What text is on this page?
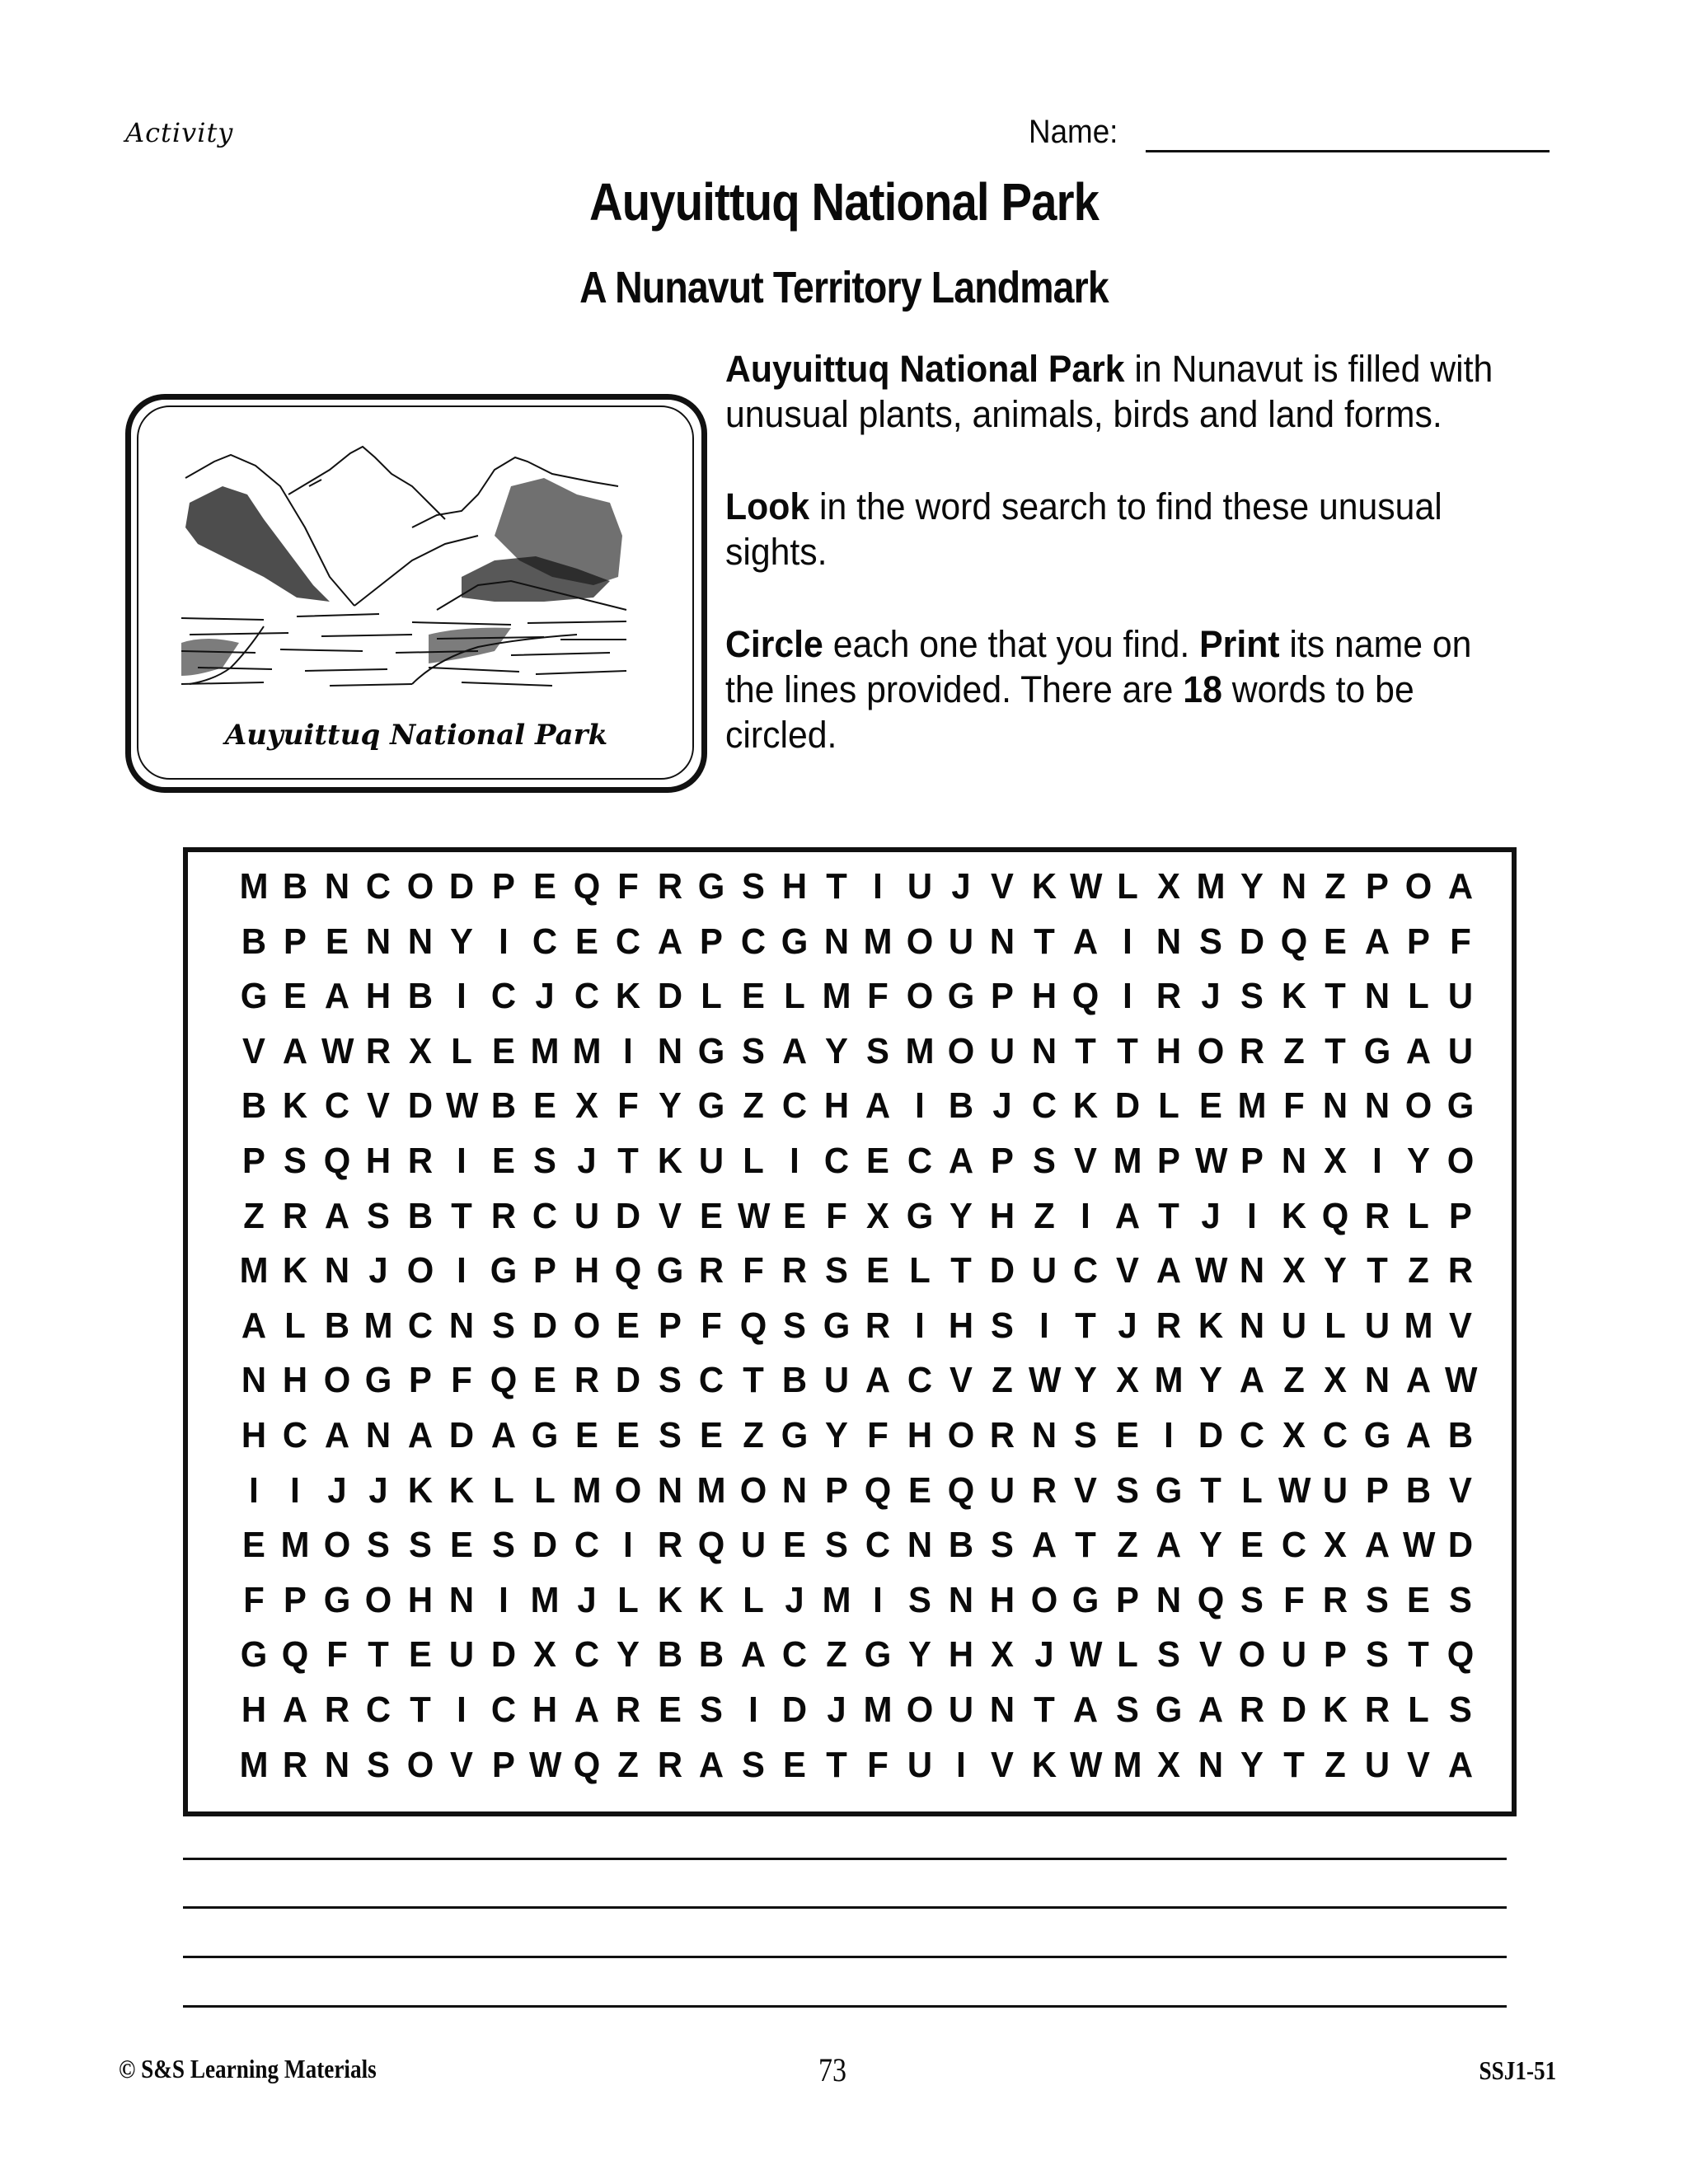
Activity	Name:
Auyuittuq National Park
A Nunavut Territory Landmark
Auyuittuq National Park

Auyuittuq National Park in Nunavut is filled with unusual plants, animals, birds and land forms.

Look in the word search to find these unusual sights.

Circle each one that you find. Print its name on the lines provided. There are 18 words to be circled.

M B N C O D P E Q F R G S H T I U J V K W L X M Y N Z P O A
B P E N N Y I C E C A P C G N M O U N T A I N S D Q E A P F
G E A H B I C J C K D L E L M F O G P H Q I R J S K T N L U
V A W R X L E M M I N G S A Y S M O U N T T H O R Z T G A U
B K C V D W B E X F Y G Z C H A I B J C K D L E M F N N O G
P S Q H R I E S J T K U L I C E C A P S V M P W P N X I Y O
Z R A S B T R C U D V E W E F X G Y H Z I A T J I K Q R L P
M K N J O I G P H Q G R F R S E L T D U C V A W N X Y T Z R
A L B M C N S D O E P F Q S G R I H S I T J R K N U L U M V
N H O G P F Q E R D S C T B U A C V Z W Y X M Y A Z X N A W
H C A N A D A G E E S E Z G Y F H O R N S E I D C X C G A B
I I J J K K L L M O N M O N P Q E Q U R V S G T L W U P B V
E M O S S E S D C I R Q U E S C N B S A T Z A Y E C X A W D
F P G O H N I M J L K K L J M I S N H O G P N Q S F R S E S
G Q F T E U D X C Y B B A C Z G Y H X J W L S V O U P S T Q
H A R C T I C H A R E S I D J M O U N T A S G A R D K R L S
M R N S O V P W Q Z R A S E T F U I V K W M X N Y T Z U V A
© S&S Learning Materials	73	SSJ1-51
